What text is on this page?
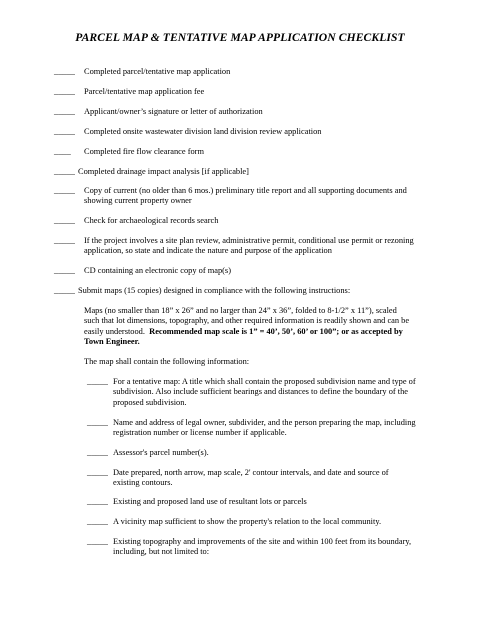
PARCEL MAP & TENTATIVE MAP APPLICATION CHECKLIST
_____ Completed parcel/tentative map application
_____ Parcel/tentative map application fee
_____ Applicant/owner’s signature or letter of authorization
_____ Completed onsite wastewater division land division review application
____ Completed fire flow clearance form
_____ Completed drainage impact analysis [if applicable]
_____ Copy of current (no older than 6 mos.) preliminary title report and all supporting documents and showing current property owner
_____ Check for archaeological records search
_____ If the project involves a site plan review, administrative permit, conditional use permit or rezoning application, so state and indicate the nature and purpose of the application
_____ CD containing an electronic copy of map(s)
_____ Submit maps (15 copies) designed in compliance with the following instructions:
Maps (no smaller than 18” x 26” and no larger than 24” x 36”, folded to 8-1/2” x 11”), scaled such that lot dimensions, topography, and other required information is readily shown and can be easily understood. Recommended map scale is 1” = 40’, 50’, 60’ or 100”; or as accepted by Town Engineer.
The map shall contain the following information:
_____ For a tentative map: A title which shall contain the proposed subdivision name and type of subdivision. Also include sufficient bearings and distances to define the boundary of the proposed subdivision.
_____ Name and address of legal owner, subdivider, and the person preparing the map, including registration number or license number if applicable.
_____ Assessor's parcel number(s).
_____ Date prepared, north arrow, map scale, 2' contour intervals, and date and source of existing contours.
_____ Existing and proposed land use of resultant lots or parcels
_____ A vicinity map sufficient to show the property's relation to the local community.
_____ Existing topography and improvements of the site and within 100 feet from its boundary, including, but not limited to:
